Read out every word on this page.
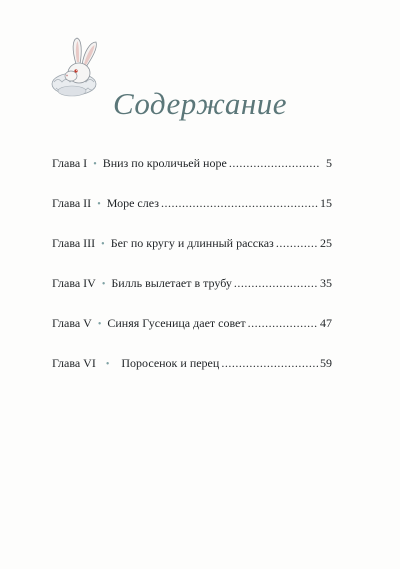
Содержание
Глава I • Вниз по кроличьей норе .....	5
Глава II • Море слез .....	15
Глава III • Бег по кругу и длинный рассказ .....	25
Глава IV • Билль вылетает в трубу .....	35
Глава V • Синяя Гусеница дает совет .....	47
Глава VI • Поросенок и перец .....	59
